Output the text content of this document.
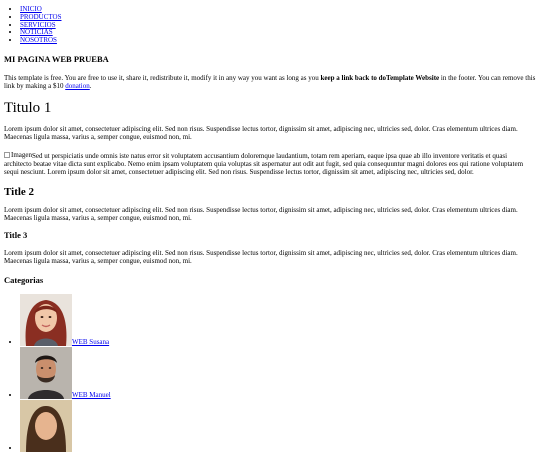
• INICIO
• PRODUCTOS
• SERVICIOS
• NOTICIAS
• NOSOTROS
MI PAGINA WEB PRUEBA

This template is free. You are free to use it, share it, redistribute it, modify it in any way you want as long as you keep a link back to doTemplate Website in the footer. You can remove this link by making a $10 donation.

Titulo 1

Lorem ipsum dolor sit amet, consectetuer adipiscing elit. Sed non risus. Suspendisse lectus tortor, dignissim sit amet, adipiscing nec, ultricies sed, dolor. Cras elementum ultrices diam. Maecenas ligula massa, varius a, semper congue, euismod non, mi.

Imagen Sed ut perspiciatis unde omnis iste natus error sit voluptatem accusantium doloremque laudantium, totam rem aperiam, eaque ipsa quae ab illo inventore veritatis et quasi architecto beatae vitae dicta sunt explicabo. Nemo enim ipsam voluptatem quia voluptas sit aspernatur aut odit aut fugit, sed quia consequuntur magni dolores eos qui ratione voluptatem sequi nesciunt. Lorem ipsum dolor sit amet, consectetuer adipiscing elit. Sed non risus. Suspendisse lectus tortor, dignissim sit amet, adipiscing nec, ultricies sed, dolor.

Title 2

Lorem ipsum dolor sit amet, consectetuer adipiscing elit. Sed non risus. Suspendisse lectus tortor, dignissim sit amet, adipiscing nec, ultricies sed, dolor. Cras elementum ultrices diam. Maecenas ligula massa, varius a, semper congue, euismod non, mi.

Title 3

Lorem ipsum dolor sit amet, consectetuer adipiscing elit. Sed non risus. Suspendisse lectus tortor, dignissim sit amet, adipiscing nec, ultricies sed, dolor. Cras elementum ultrices diam. Maecenas ligula massa, varius a, semper congue, euismod non, mi.

Categorias
• WEB Susana
• WEB Manuel
•
